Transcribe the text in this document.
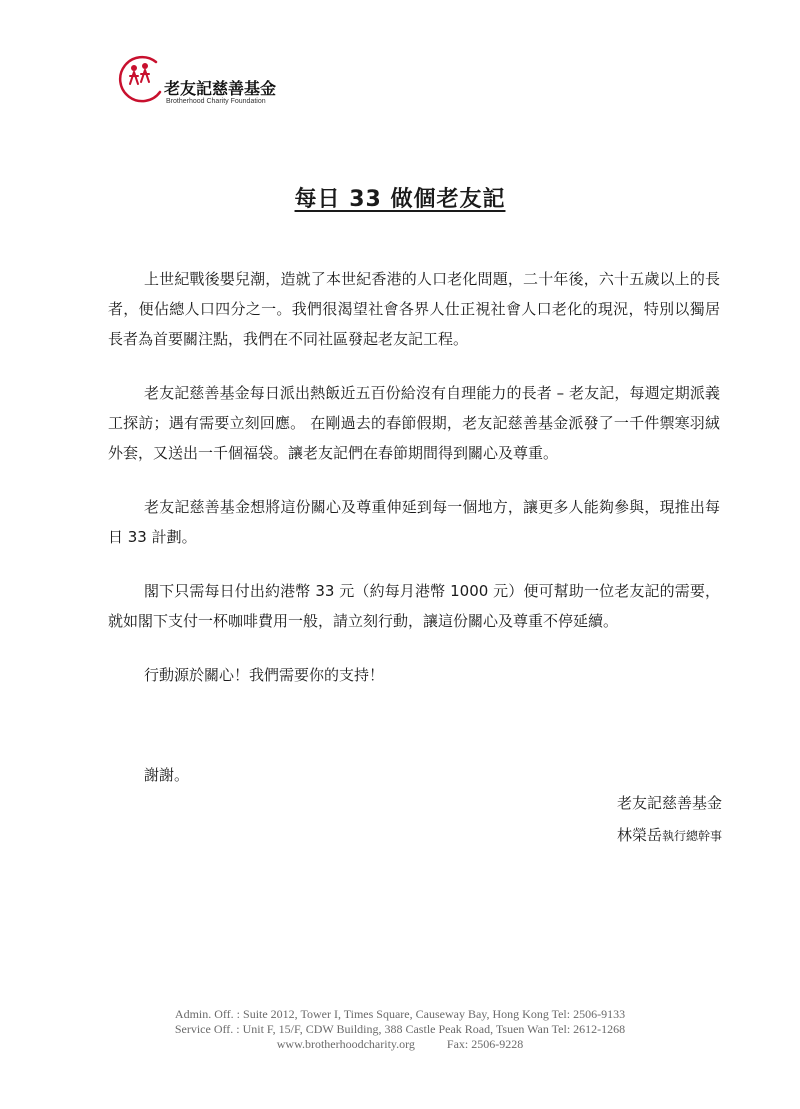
老友記慈善基金
Brotherhood Charity Foundation
每日 33 做個老友記

上世紀戰後嬰兒潮，造就了本世紀香港的人口老化問題，二十年後，六十五歲以上的長者，便佔總人口四分之一。我們很渴望社會各界人仕正視社會人口老化的現況，特別以獨居長者為首要關注點，我們在不同社區發起老友記工程。

老友記慈善基金每日派出熱飯近五百份給沒有自理能力的長者 – 老友記，每週定期派義工探訪；遇有需要立刻回應。 在剛過去的春節假期，老友記慈善基金派發了一千件禦寒羽絨外套，又送出一千個福袋。讓老友記們在春節期間得到關心及尊重。

老友記慈善基金想將這份關心及尊重伸延到每一個地方，讓更多人能夠參與，現推出每日 33 計劃。

閣下只需每日付出約港幣 33 元（約每月港幣 1000 元）便可幫助一位老友記的需要，就如閣下支付一杯咖啡費用一般，請立刻行動，讓這份關心及尊重不停延續。

行動源於關心！我們需要你的支持！
謝謝。
老友記慈善基金
林榮岳執行總幹事
Admin. Off. : Suite 2012, Tower I, Times Square, Causeway Bay, Hong Kong Tel: 2506-9133
Service Off. : Unit F, 15/F, CDW Building, 388 Castle Peak Road, Tsuen Wan Tel: 2612-1268
www.brotherhoodcharity.org	Fax: 2506-9228
